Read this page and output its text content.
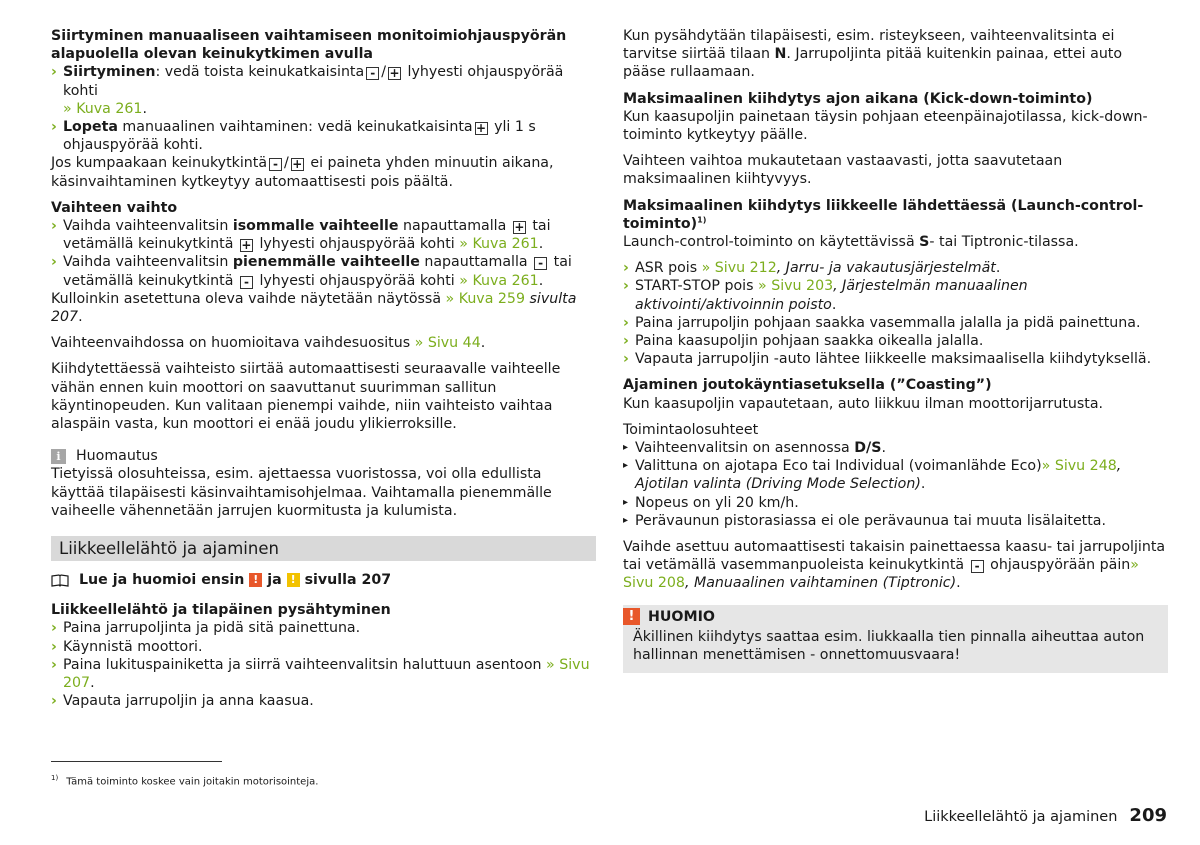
Siirtyminen manuaaliseen vaihtamiseen monitoimiohjauspyörän alapuolella olevan keinukytkimen avulla

› Siirtyminen: vedä toista keinukatkaisinta - / + lyhyesti ohjauspyörää kohti
» Kuva 261.

› Lopeta manuaalinen vaihtaminen: vedä keinukatkaisinta + yli 1 s ohjauspyörää kohti.

Jos kumpaakaan keinukytkintä - / + ei paineta yhden minuutin aikana, käsinvaihtaminen kytkeytyy automaattisesti pois päältä.

Vaihteen vaihto

› Vaihda vaihteenvalitsin isommalle vaihteelle napauttamalla + tai vetämällä keinukytkintä + lyhyesti ohjauspyörää kohti » Kuva 261.

› Vaihda vaihteenvalitsin pienemmälle vaihteelle napauttamalla - tai vetämällä keinukytkintä - lyhyesti ohjauspyörää kohti » Kuva 261.

Kulloinkin asetettuna oleva vaihde näytetään näytössä » Kuva 259 sivulta 207.

Vaihteenvaihdossa on huomioitava vaihdesuositus » Sivu 44.

Kiihdytettäessä vaihteisto siirtää automaattisesti seuraavalle vaihteelle vähän ennen kuin moottori on saavuttanut suurimman sallitun käyntinopeuden. Kun valitaan pienempi vaihde, niin vaihteisto vaihtaa alaspäin vasta, kun moottori ei enää joudu ylikierroksille.

i	Huomautus

Tietyissä olosuhteissa, esim. ajettaessa vuoristossa, voi olla edullista käyttää tilapäisesti käsinvaihtamisohjelmaa. Vaihtamalla pienemmälle vaiheelle vähennetään jarrujen kuormitusta ja kulumista.

Liikkeellelähtö ja ajaminen
Lue ja huomioi ensin
!
ja
!
sivulla 207

Liikkeellelähtö ja tilapäinen pysähtyminen

› Paina jarrupoljinta ja pidä sitä painettuna.

› Käynnistä moottori.

› Paina lukituspainiketta ja siirrä vaihteenvalitsin haluttuun asentoon » Sivu 207.

› Vapauta jarrupoljin ja anna kaasua.

Kun pysähdytään tilapäisesti, esim. risteykseen, vaihteenvalitsinta ei tarvitse siirtää tilaan N. Jarrupoljinta pitää kuitenkin painaa, ettei auto pääse rullaamaan.

Maksimaalinen kiihdytys ajon aikana (Kick-down-toiminto)

Kun kaasupoljin painetaan täysin pohjaan eteenpäinajotilassa, kick-down-toiminto kytkeytyy päälle.

Vaihteen vaihtoa mukautetaan vastaavasti, jotta saavutetaan maksimaalinen kiihtyvyys.

Maksimaalinen kiihdytys liikkeelle lähdettäessä (Launch-control-toiminto)$^{1)}$

Launch-control-toiminto on käytettävissä S- tai Tiptronic-tilassa.

› ASR pois » Sivu 212, Jarru- ja vakautusjärjestelmät.

› START-STOP pois » Sivu 203, Järjestelmän manuaalinen aktivointi/aktivoinnin poisto.

› Paina jarrupoljin pohjaan saakka vasemmalla jalalla ja pidä painettuna.

› Paina kaasupoljin pohjaan saakka oikealla jalalla.

› Vapauta jarrupoljin -auto lähtee liikkeelle maksimaalisella kiihdytyksellä.

Ajaminen joutokäyntiasetuksella (”Coasting”)

Kun kaasupoljin vapautetaan, auto liikkuu ilman moottorijarrutusta.

Toimintaolosuhteet

▸ Vaihteenvalitsin on asennossa D/S.

▸ Valittuna on ajotapa Eco tai Individual (voimanlähde Eco)» Sivu 248, Ajotilan valinta (Driving Mode Selection).

▸ Nopeus on yli 20 km/h.

▸ Perävaunun pistorasiassa ei ole perävaunua tai muuta lisälaitetta.

Vaihde asettuu automaattisesti takaisin painettaessa kaasu- tai jarrupoljinta tai vetämällä vasemmanpuoleista keinukytkintä - ohjauspyörään päin» Sivu 208, Manuaalinen vaihtaminen (Tiptronic).

! HUOMIO
Äkillinen kiihdytys saattaa esim. liukkaalla tien pinnalla aiheuttaa auton hallinnan menettämisen - onnettomuusvaara!
$^{1)}$ Tämä toiminto koskee vain joitakin motorisointeja.
Liikkeellelähtö ja ajaminen 209
